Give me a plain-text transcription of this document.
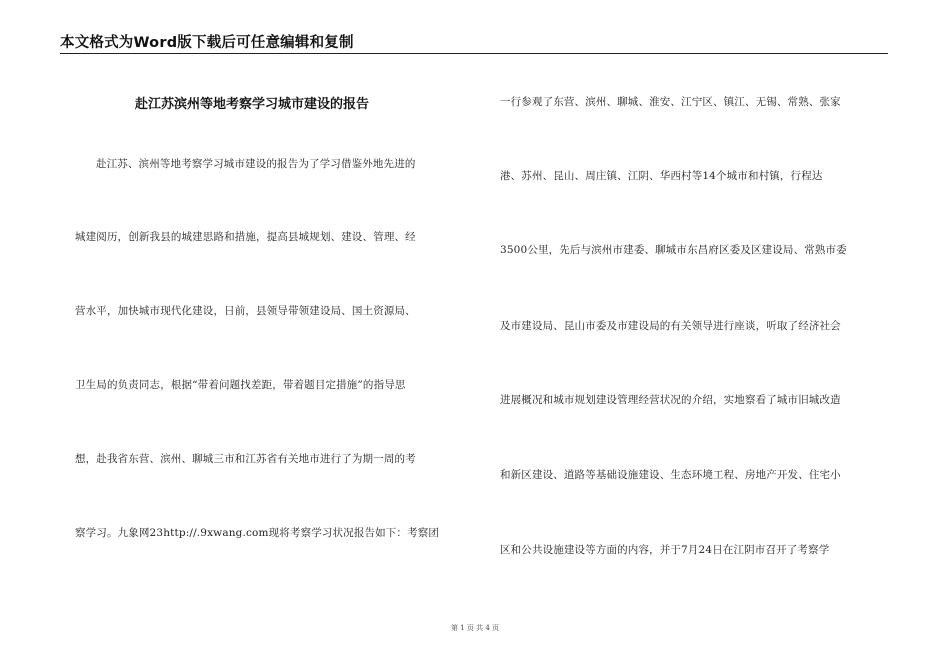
本文格式为Word版下载后可任意编辑和复制
赴江苏滨州等地考察学习城市建设的报告
赴江苏、滨州等地考察学习城市建设的报告为了学习借鉴外地先进的
城建阅历，创新我县的城建思路和措施，提高县城规划、建设、管理、经
营水平，加快城市现代化建设，日前，县领导带领建设局、国土资源局、
卫生局的负责同志，根据“带着问题找差距，带着题目定措施”的指导思
想，赴我省东营、滨州、聊城三市和江苏省有关地市进行了为期一周的考
察学习。九象网23http://.9xwang.com现将考察学习状况报告如下：考察团
一行参观了东营、滨州、聊城、淮安、江宁区、镇江、无锡、常熟、张家
港、苏州、昆山、周庄镇、江阴、华西村等14个城市和村镇，行程达
3500公里，先后与滨州市建委、聊城市东昌府区委及区建设局、常熟市委
及市建设局、昆山市委及市建设局的有关领导进行座谈，听取了经济社会
进展概况和城市规划建设管理经营状况的介绍，实地察看了城市旧城改造
和新区建设、道路等基础设施建设、生态环境工程、房地产开发、住宅小
区和公共设施建设等方面的内容，并于7月24日在江阴市召开了考察学
第 1 页 共 4 页
